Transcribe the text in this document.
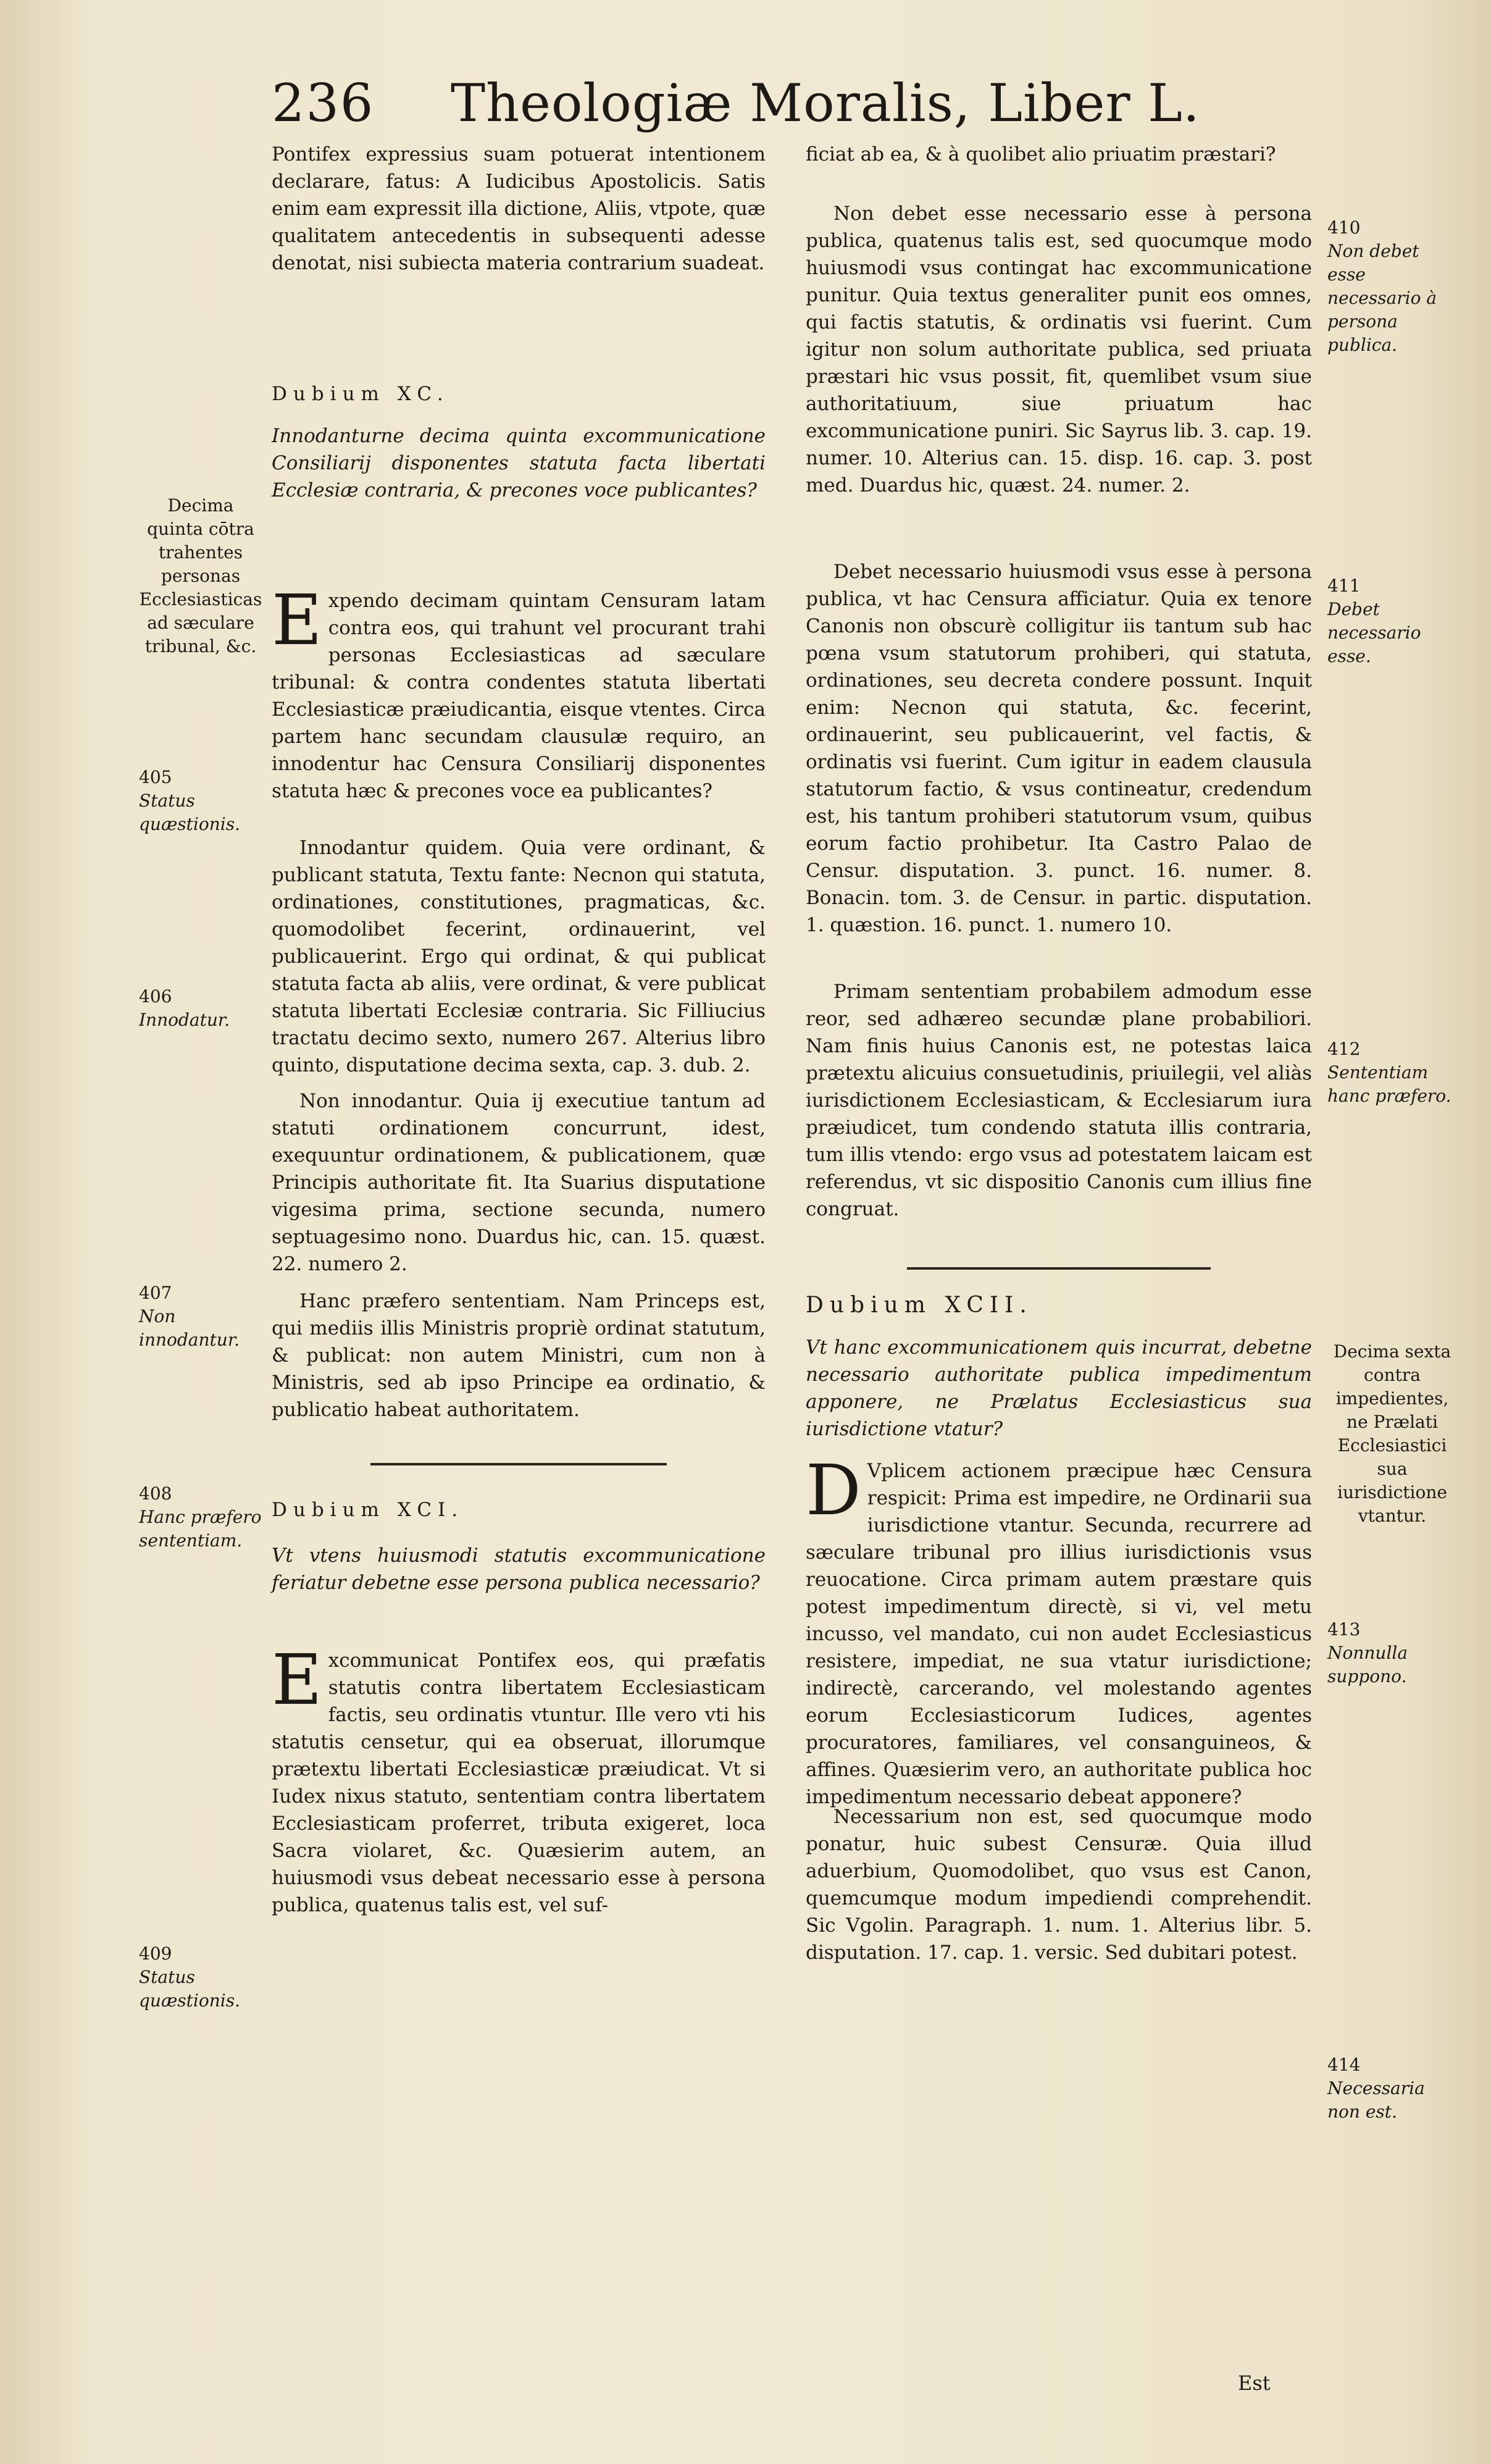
236 Theologiæ Moralis, Liber L.

Pontifex expressius suam potuerat intentionem declarare, fatus: A Iudicibus Apostolicis. Satis enim eam expressit illa dictione, Aliis, vtpote, quæ qualitatem antecedentis in subsequenti adesse denotat, nisi subiecta materia contrarium suadeat.

Dubium XC.

Innodanturne decima quinta excommunicatione Consiliarij disponentes statuta facta libertati Ecclesiæ contraria, & precones voce publicantes?

E xpendo decimam quintam Censuram latam contra eos, qui trahunt vel procurant trahi personas Ecclesiasticas ad sæculare tribunal: & contra condentes statuta libertati Ecclesiasticæ præiudicantia, eisque vtentes. Circa partem hanc secundam clausulæ requiro, an innodentur hac Censura Consiliarij disponentes statuta hæc & precones voce ea publicantes?

Innodantur quidem. Quia vere ordinant, & publicant statuta, Textu fante: Necnon qui statuta, ordinationes, constitutiones, pragmaticas, &c. quomodolibet fecerint, ordinauerint, vel publicauerint. Ergo qui ordinat, & qui publicat statuta facta ab aliis, vere ordinat, & vere publicat statuta libertati Ecclesiæ contraria. Sic Filliucius tractatu decimo sexto, numero 267. Alterius libro quinto, disputatione decima sexta, cap. 3. dub. 2.

Non innodantur. Quia ij executiue tantum ad statuti ordinationem concurrunt, idest, exequuntur ordinationem, & publicationem, quæ Principis authoritate fit. Ita Suarius disputatione vigesima prima, sectione secunda, numero septuagesimo nono. Duardus hic, can. 15. quæst. 22. numero 2.

Hanc præfero sententiam. Nam Princeps est, qui mediis illis Ministris propriè ordinat statutum, & publicat: non autem Ministri, cum non à Ministris, sed ab ipso Principe ea ordinatio, & publicatio habeat authoritatem.

Dubium XCI.

Vt vtens huiusmodi statutis excommunicatione feriatur debetne esse persona publica necessario?

E xcommunicat Pontifex eos, qui præfatis statutis contra libertatem Ecclesiasticam factis, seu ordinatis vtuntur. Ille vero vti his statutis censetur, qui ea obseruat, illorumque prætextu libertati Ecclesiasticæ præiudicat. Vt si Iudex nixus statuto, sententiam contra libertatem Ecclesiasticam proferret, tributa exigeret, loca Sacra violaret, &c. Quæsierim autem, an huiusmodi vsus debeat necessario esse à persona publica, quatenus talis est, vel suf-

ficiat ab ea, & à quolibet alio priuatim præstari?

Non debet esse necessario esse à persona publica, quatenus talis est, sed quocumque modo huiusmodi vsus contingat hac excommunicatione punitur. Quia textus generaliter punit eos omnes, qui factis statutis, & ordinatis vsi fuerint. Cum igitur non solum authoritate publica, sed priuata præstari hic vsus possit, fit, quemlibet vsum siue authoritatiuum, siue priuatum hac excommunicatione puniri. Sic Sayrus lib. 3. cap. 19. numer. 10. Alterius can. 15. disp. 16. cap. 3. post med. Duardus hic, quæst. 24. numer. 2.

Debet necessario huiusmodi vsus esse à persona publica, vt hac Censura afficiatur. Quia ex tenore Canonis non obscurè colligitur iis tantum sub hac pœna vsum statutorum prohiberi, qui statuta, ordinationes, seu decreta condere possunt. Inquit enim: Necnon qui statuta, &c. fecerint, ordinauerint, seu publicauerint, vel factis, & ordinatis vsi fuerint. Cum igitur in eadem clausula statutorum factio, & vsus contineatur, credendum est, his tantum prohiberi statutorum vsum, quibus eorum factio prohibetur. Ita Castro Palao de Censur. disputation. 3. punct. 16. numer. 8. Bonacin. tom. 3. de Censur. in partic. disputation. 1. quæstion. 16. punct. 1. numero 10.

Primam sententiam probabilem admodum esse reor, sed adhæreo secundæ plane probabiliori. Nam finis huius Canonis est, ne potestas laica prætextu alicuius consuetudinis, priuilegii, vel aliàs iurisdictionem Ecclesiasticam, & Ecclesiarum iura præiudicet, tum condendo statuta illis contraria, tum illis vtendo: ergo vsus ad potestatem laicam est referendus, vt sic dispositio Canonis cum illius fine congruat.

Dubium XCII.

Vt hanc excommunicationem quis incurrat, debetne necessario authoritate publica impedimentum apponere, ne Prælatus Ecclesiasticus sua iurisdictione vtatur?

D Vplicem actionem præcipue hæc Censura respicit: Prima est impedire, ne Ordinarii sua iurisdictione vtantur. Secunda, recurrere ad sæculare tribunal pro illius iurisdictionis vsus reuocatione. Circa primam autem præstare quis potest impedimentum directè, si vi, vel metu incusso, vel mandato, cui non audet Ecclesiasticus resistere, impediat, ne sua vtatur iurisdictione; indirectè, carcerando, vel molestando agentes eorum Ecclesiasticorum Iudices, agentes procuratores, familiares, vel consanguineos, & affines. Quæsierim vero, an authoritate publica hoc impedimentum necessario debeat apponere?

Necessarium non est, sed quocumque modo ponatur, huic subest Censuræ. Quia illud aduerbium, Quomodolibet, quo vsus est Canon, quemcumque modum impediendi comprehendit. Sic Vgolin. Paragraph. 1. num. 1. Alterius libr. 5. disputation. 17. cap. 1. versic. Sed dubitari potest.

Decima quinta cōtra trahentes personas Ecclesiasticas ad sæculare tribunal, &c.
405
Status quæstionis.
406
Innodatur.
407
Non innodantur.
408
Hanc præfero sententiam.
409
Status quæstionis.
410
Non debet esse necessario à persona publica.
411
Debet necessario esse.
412
Sententiam hanc præfero.
Decima sexta contra impedientes, ne Prælati Ecclesiastici sua iurisdictione vtantur.
413
Nonnulla suppono.
414
Necessaria non est.
Est
